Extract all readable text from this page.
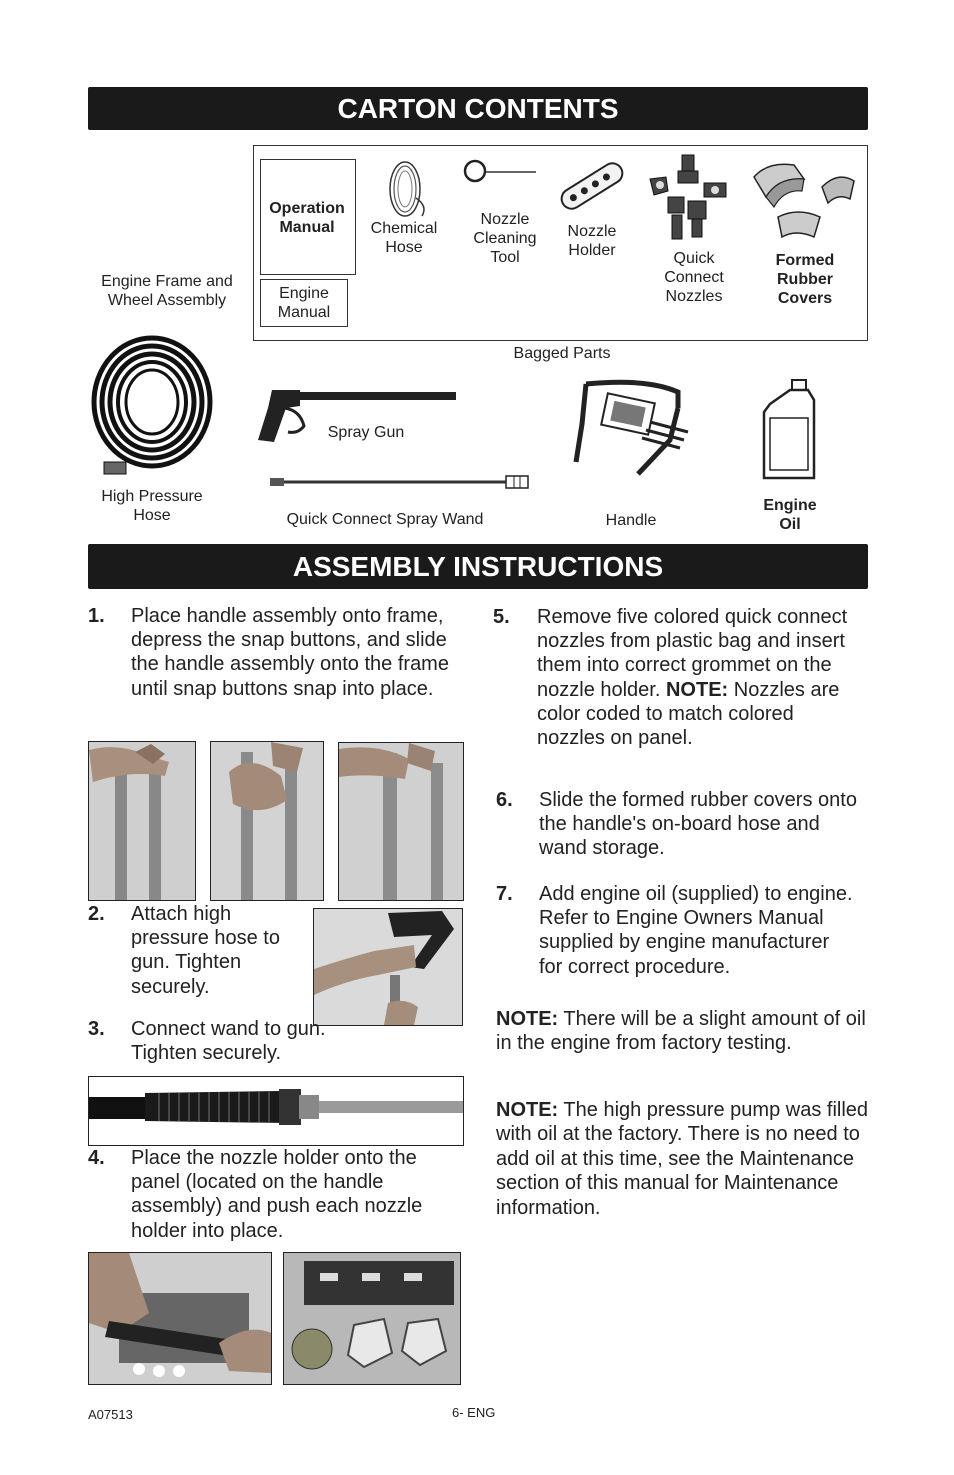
CARTON CONTENTS
Engine Frame and Wheel Assembly
Operation Manual
Engine Manual
Chemical Hose
Nozzle Cleaning Tool
Nozzle Holder	Quick Connect Nozzles
Formed Rubber Covers
Bagged Parts
High Pressure Hose
Spray Gun
Quick Connect Spray Wand	Handle
Engine Oil
ASSEMBLY INSTRUCTIONS
1. Place handle assembly onto frame, depress the snap buttons, and slide the handle assembly onto the frame until snap buttons snap into place.
2. Attach high pressure hose to gun. Tighten securely.
3. Connect wand to gun. Tighten securely.
4. Place the nozzle holder onto the panel (located on the handle assembly) and push each nozzle holder into place.
5. Remove five colored quick connect nozzles from plastic bag and insert them into correct grommet on the nozzle holder. NOTE: Nozzles are color coded to match colored nozzles on panel.
6. Slide the formed rubber covers onto the handle's on-board hose and wand storage.
7. Add engine oil (supplied) to engine. Refer to Engine Owners Manual supplied by engine manufacturer for correct procedure.
NOTE: There will be a slight amount of oil in the engine from factory testing.
NOTE: The high pressure pump was filled with oil at the factory. There is no need to add oil at this time, see the Maintenance section of this manual for Maintenance information.
A07513	6- ENG
